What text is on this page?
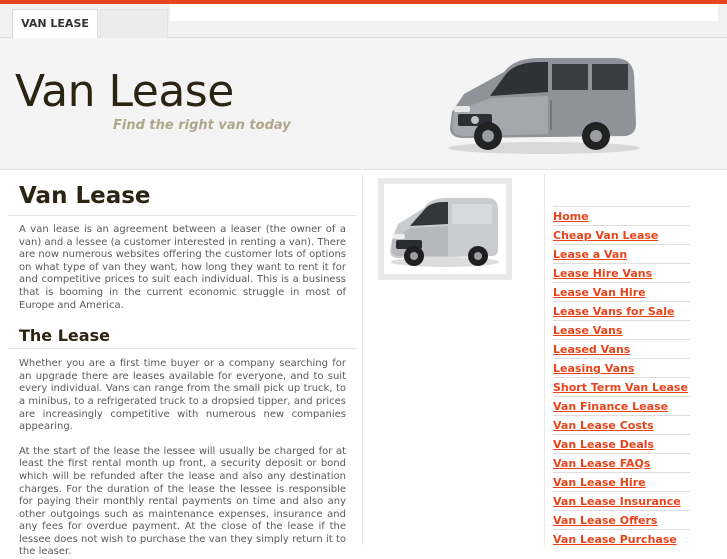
VAN LEASE
Van Lease
Find the right van today
Van Lease

A van lease is an agreement between a leaser (the owner of a van) and a lessee (a customer interested in renting a van). There are now numerous websites offering the customer lots of options on what type of van they want, how long they want to rent it for and competitive prices to suit each individual. This is a business that is booming in the current economic struggle in most of Europe and America.

The Lease

Whether you are a first time buyer or a company searching for an upgrade there are leases available for everyone, and to suit every individual. Vans can range from the small pick up truck, to a minibus, to a refrigerated truck to a dropsied tipper, and prices are increasingly competitive with numerous new companies appearing.

At the start of the lease the lessee will usually be charged for at least the first rental month up front, a security deposit or bond which will be refunded after the lease and also any destination charges. For the duration of the lease the lessee is responsible for paying their monthly rental payments on time and also any other outgoings such as maintenance expenses, insurance and any fees for overdue payment. At the close of the lease if the lessee does not wish to purchase the van they simply return it to the leaser.

Home
Cheap Van Lease
Lease a Van
Lease Hire Vans
Lease Van Hire
Lease Vans for Sale
Lease Vans
Leased Vans
Leasing Vans
Short Term Van Lease
Van Finance Lease
Van Lease Costs
Van Lease Deals
Van Lease FAQs
Van Lease Hire
Van Lease Insurance
Van Lease Offers
Van Lease Purchase
